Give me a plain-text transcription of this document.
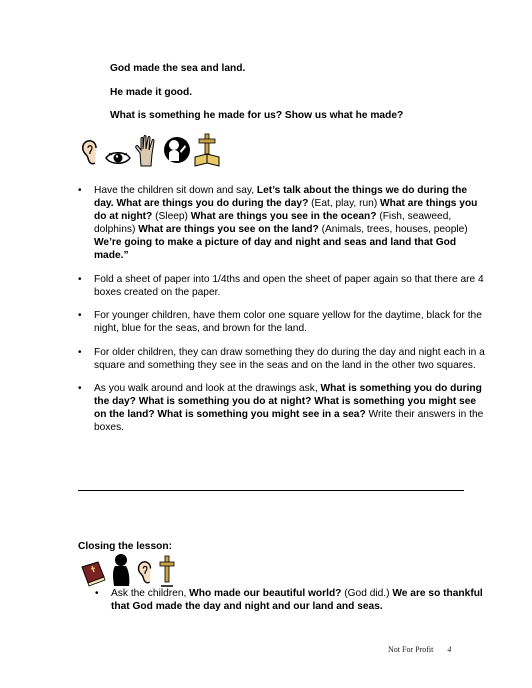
God made the sea and land.

He made it good.

What is something he made for us? Show us what he made?

• Have the children sit down and say, Let’s talk about the things we do during the day. What are things you do during the day? (Eat, play, run) What are things you do at night? (Sleep) What are things you see in the ocean? (Fish, seaweed, dolphins) What are things you see on the land? (Animals, trees, houses, people) We’re going to make a picture of day and night and seas and land that God made.”
• Fold a sheet of paper into 1/4ths and open the sheet of paper again so that there are 4 boxes created on the paper.
• For younger children, have them color one square yellow for the daytime, black for the night, blue for the seas, and brown for the land.
• For older children, they can draw something they do during the day and night each in a square and something they see in the seas and on the land in the other two squares.
• As you walk around and look at the drawings ask, What is something you do during the day? What is something you do at night? What is something you might see on the land? What is something you might see in a sea? Write their answers in the boxes.
Closing the lesson:
• Ask the children, Who made our beautiful world? (God did.) We are so thankful that God made the day and night and our land and seas.
Not For Profit 4
